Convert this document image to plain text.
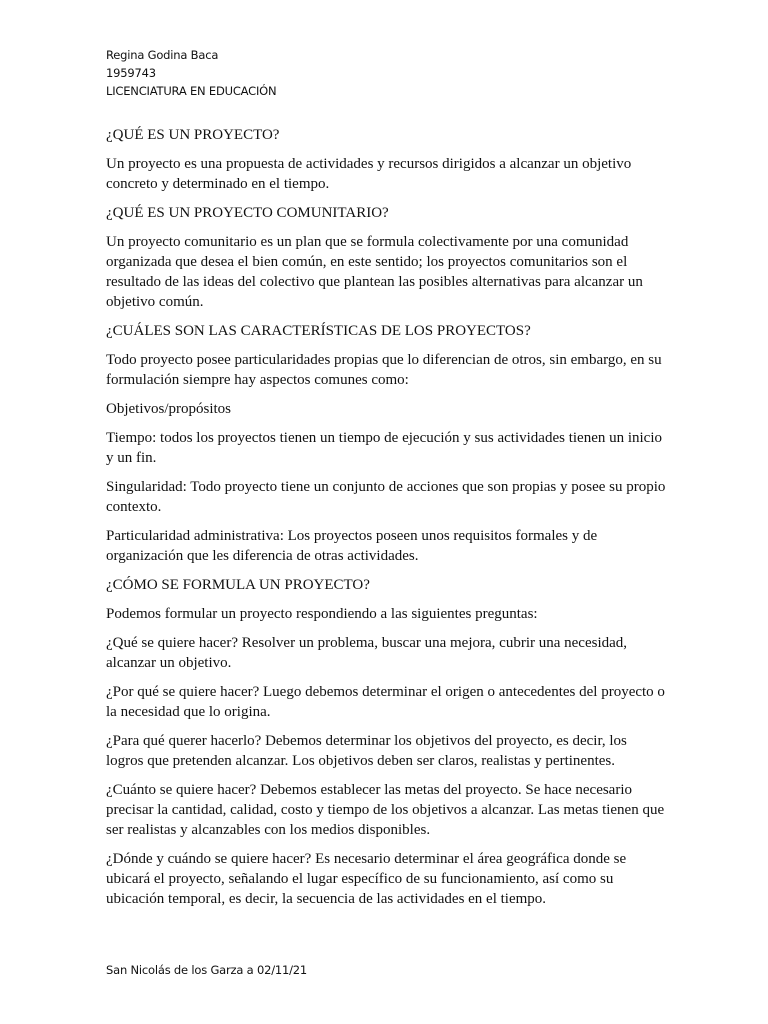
Regina Godina Baca
1959743
LICENCIATURA EN EDUCACIÓN

¿QUÉ ES UN PROYECTO?

Un proyecto es una propuesta de actividades y recursos dirigidos a alcanzar un objetivo concreto y determinado en el tiempo.

¿QUÉ ES UN PROYECTO COMUNITARIO?

Un proyecto comunitario es un plan que se formula colectivamente por una comunidad organizada que desea el bien común, en este sentido; los proyectos comunitarios son el resultado de las ideas del colectivo que plantean las posibles alternativas para alcanzar un objetivo común.

¿CUÁLES SON LAS CARACTERÍSTICAS DE LOS PROYECTOS?

Todo proyecto posee particularidades propias que lo diferencian de otros, sin embargo, en su formulación siempre hay aspectos comunes como:

Objetivos/propósitos

Tiempo: todos los proyectos tienen un tiempo de ejecución y sus actividades tienen un inicio y un fin.

Singularidad: Todo proyecto tiene un conjunto de acciones que son propias y posee su propio contexto.

Particularidad administrativa: Los proyectos poseen unos requisitos formales y de organización que les diferencia de otras actividades.

¿CÓMO SE FORMULA UN PROYECTO?

Podemos formular un proyecto respondiendo a las siguientes preguntas:

¿Qué se quiere hacer? Resolver un problema, buscar una mejora, cubrir una necesidad, alcanzar un objetivo.

¿Por qué se quiere hacer? Luego debemos determinar el origen o antecedentes del proyecto o la necesidad que lo origina.

¿Para qué querer hacerlo? Debemos determinar los objetivos del proyecto, es decir, los logros que pretenden alcanzar. Los objetivos deben ser claros, realistas y pertinentes.

¿Cuánto se quiere hacer? Debemos establecer las metas del proyecto. Se hace necesario precisar la cantidad, calidad, costo y tiempo de los objetivos a alcanzar. Las metas tienen que ser realistas y alcanzables con los medios disponibles.

¿Dónde y cuándo se quiere hacer? Es necesario determinar el área geográfica donde se ubicará el proyecto, señalando el lugar específico de su funcionamiento, así como su ubicación temporal, es decir, la secuencia de las actividades en el tiempo.

San Nicolás de los Garza a 02/11/21
